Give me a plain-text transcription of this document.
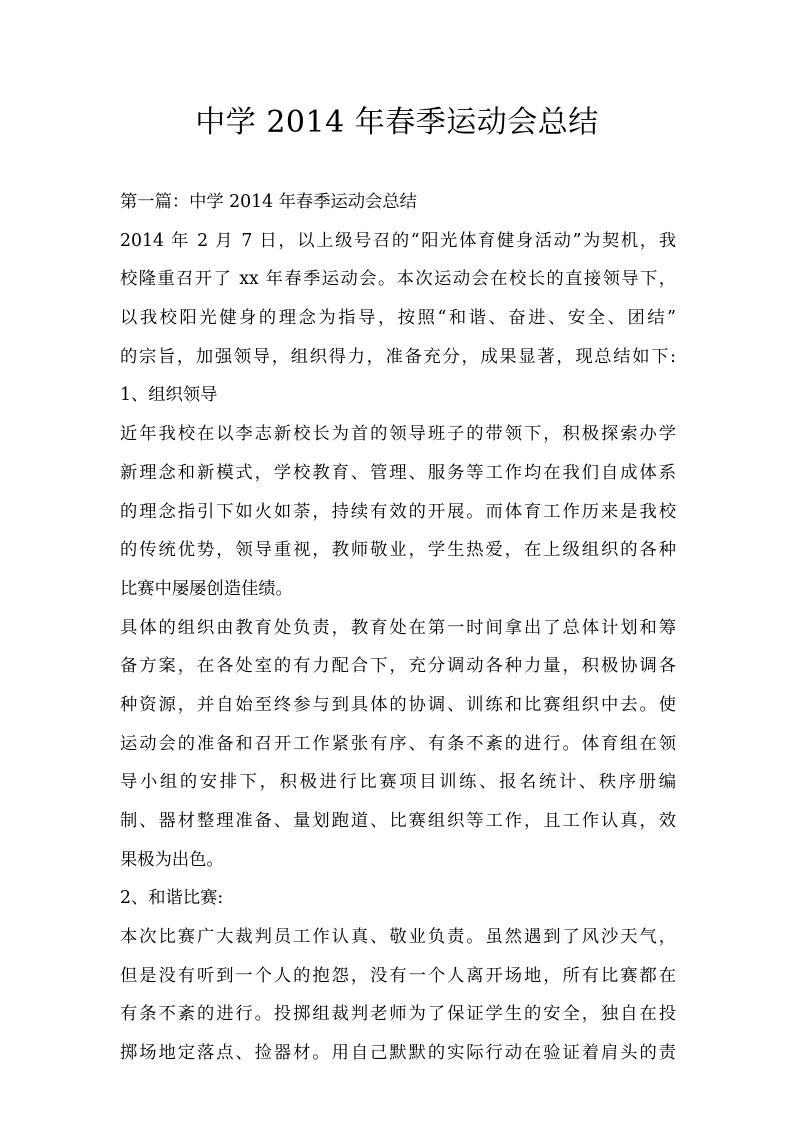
中学 2014 年春季运动会总结
第一篇：中学 2014 年春季运动会总结
2014 年 2 月 7 日，以上级号召的“阳光体育健身活动”为契机，我
校隆重召开了 xx 年春季运动会。本次运动会在校长的直接领导下，
以我校阳光健身的理念为指导，按照“和谐、奋进、安全、团结”
的宗旨，加强领导，组织得力，准备充分，成果显著，现总结如下:
1、组织领导
近年我校在以李志新校长为首的领导班子的带领下，积极探索办学
新理念和新模式，学校教育、管理、服务等工作均在我们自成体系
的理念指引下如火如荼，持续有效的开展。而体育工作历来是我校
的传统优势，领导重视，教师敬业，学生热爱，在上级组织的各种
比赛中屡屡创造佳绩。
具体的组织由教育处负责，教育处在第一时间拿出了总体计划和筹
备方案，在各处室的有力配合下，充分调动各种力量，积极协调各
种资源，并自始至终参与到具体的协调、训练和比赛组织中去。使
运动会的准备和召开工作紧张有序、有条不紊的进行。体育组在领
导小组的安排下，积极进行比赛项目训练、报名统计、秩序册编
制、器材整理准备、量划跑道、比赛组织等工作，且工作认真，效
果极为出色。
2、和谐比赛:
本次比赛广大裁判员工作认真、敬业负责。虽然遇到了风沙天气，
但是没有听到一个人的抱怨，没有一个人离开场地，所有比赛都在
有条不紊的进行。投掷组裁判老师为了保证学生的安全，独自在投
掷场地定落点、捡器材。用自己默默的实际行动在验证着肩头的责
